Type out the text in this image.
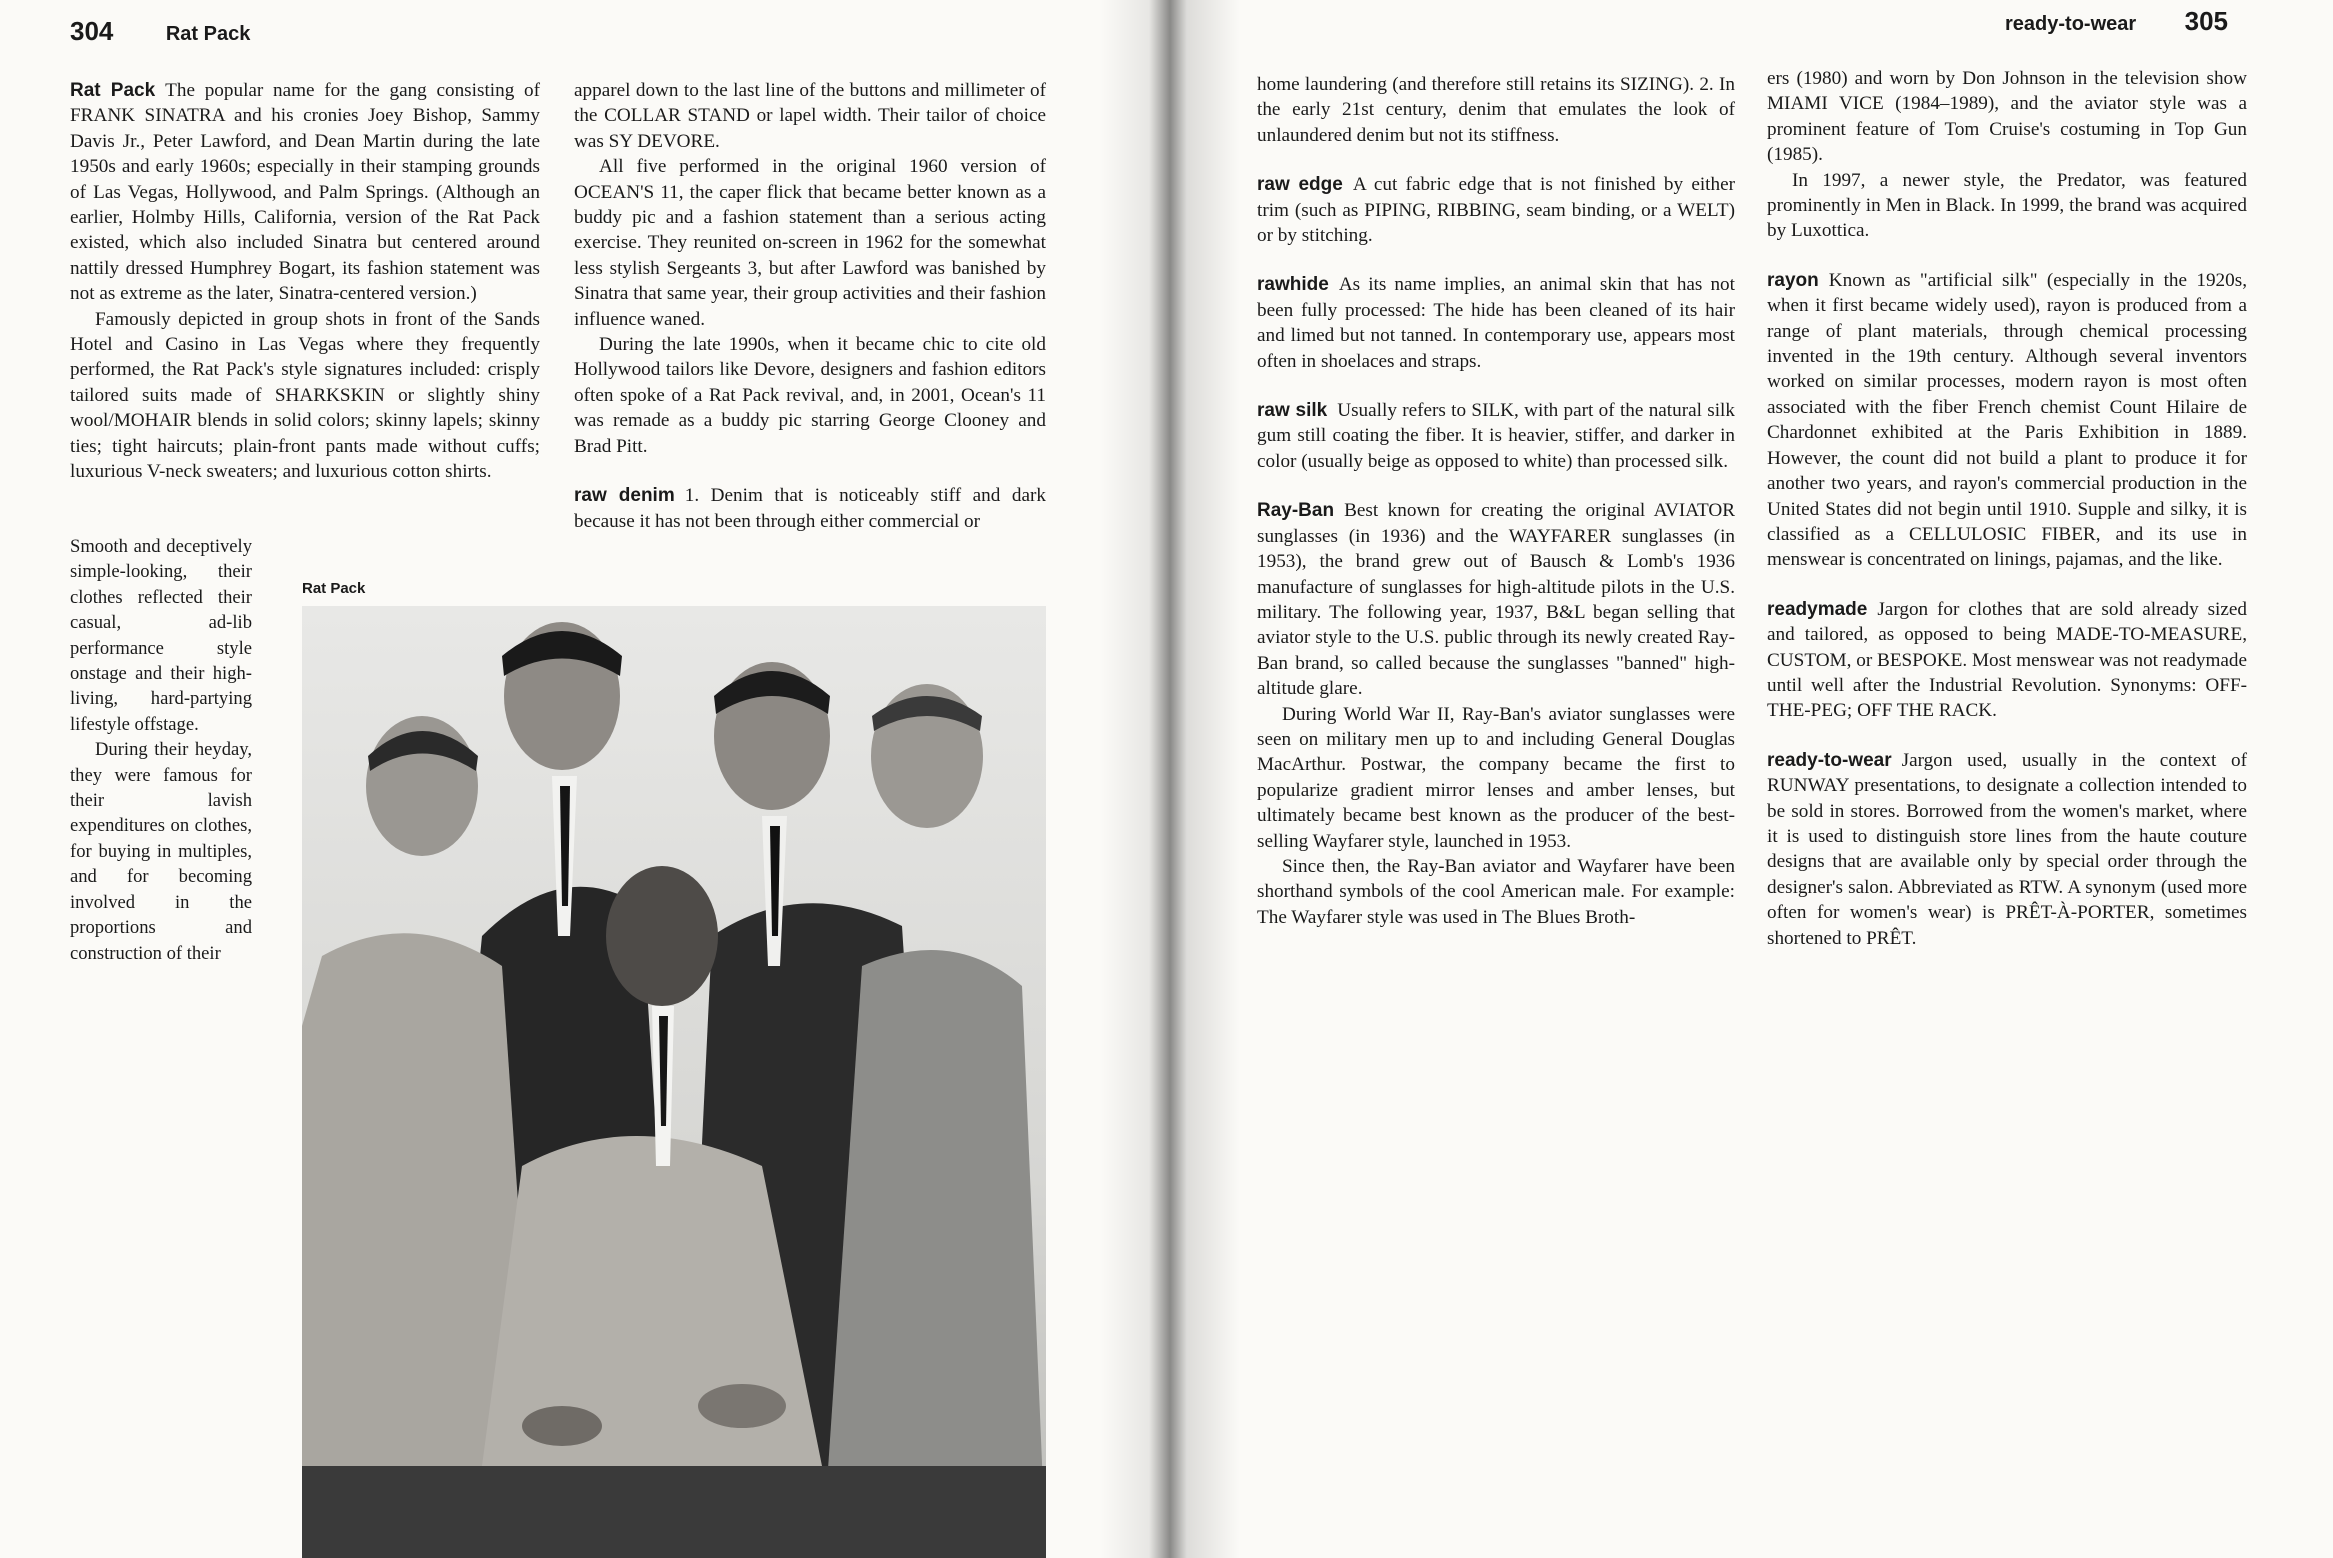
304	Rat Pack

Rat Pack The popular name for the gang consisting of FRANK SINATRA and his cronies Joey Bishop, Sammy Davis Jr., Peter Lawford, and Dean Martin during the late 1950s and early 1960s; especially in their stamping grounds of Las Vegas, Hollywood, and Palm Springs. (Although an earlier, Holmby Hills, California, version of the Rat Pack existed, which also included Sinatra but centered around nattily dressed Humphrey Bogart, its fashion statement was not as extreme as the later, Sinatra-centered version.)

Famously depicted in group shots in front of the Sands Hotel and Casino in Las Vegas where they frequently performed, the Rat Pack's style signatures included: crisply tailored suits made of SHARKSKIN or slightly shiny wool/MOHAIR blends in solid colors; skinny lapels; skinny ties; tight haircuts; plain-front pants made without cuffs; luxurious V-neck sweaters; and luxurious cotton shirts.

Smooth and deceptively simple-looking, their clothes reflected their casual, ad-lib performance style onstage and their high-living, hard-partying lifestyle offstage.

During their heyday, they were famous for their lavish expenditures on clothes, for buying in multiples, and for becoming involved in the proportions and construction of their

apparel down to the last line of the buttons and millimeter of the COLLAR STAND or lapel width. Their tailor of choice was SY DEVORE.

All five performed in the original 1960 version of OCEAN'S 11, the caper flick that became better known as a buddy pic and a fashion statement than a serious acting exercise. They reunited on-screen in 1962 for the somewhat less stylish Sergeants 3, but after Lawford was banished by Sinatra that same year, their group activities and their fashion influence waned.

During the late 1990s, when it became chic to cite old Hollywood tailors like Devore, designers and fashion editors often spoke of a Rat Pack revival, and, in 2001, Ocean's 11 was remade as a buddy pic starring George Clooney and Brad Pitt.

raw denim 1. Denim that is noticeably stiff and dark because it has not been through either commercial or

Rat Pack
ready-to-wear 305

home laundering (and therefore still retains its SIZING). 2. In the early 21st century, denim that emulates the look of unlaundered denim but not its stiffness.

raw edge A cut fabric edge that is not finished by either trim (such as PIPING, RIBBING, seam binding, or a WELT) or by stitching.

rawhide As its name implies, an animal skin that has not been fully processed: The hide has been cleaned of its hair and limed but not tanned. In contemporary use, appears most often in shoelaces and straps.

raw silk Usually refers to SILK, with part of the natural silk gum still coating the fiber. It is heavier, stiffer, and darker in color (usually beige as opposed to white) than processed silk.

Ray-Ban Best known for creating the original AVIATOR sunglasses (in 1936) and the WAYFARER sunglasses (in 1953), the brand grew out of Bausch & Lomb's 1936 manufacture of sunglasses for high-altitude pilots in the U.S. military. The following year, 1937, B&L began selling that aviator style to the U.S. public through its newly created Ray-Ban brand, so called because the sunglasses "banned" high-altitude glare.

During World War II, Ray-Ban's aviator sunglasses were seen on military men up to and including General Douglas MacArthur. Postwar, the company became the first to popularize gradient mirror lenses and amber lenses, but ultimately became best known as the producer of the best-selling Wayfarer style, launched in 1953.

Since then, the Ray-Ban aviator and Wayfarer have been shorthand symbols of the cool American male. For example: The Wayfarer style was used in The Blues Broth-

ers (1980) and worn by Don Johnson in the television show MIAMI VICE (1984–1989), and the aviator style was a prominent feature of Tom Cruise's costuming in Top Gun (1985).

In 1997, a newer style, the Predator, was featured prominently in Men in Black. In 1999, the brand was acquired by Luxottica.

rayon Known as "artificial silk" (especially in the 1920s, when it first became widely used), rayon is produced from a range of plant materials, through chemical processing invented in the 19th century. Although several inventors worked on similar processes, modern rayon is most often associated with the fiber French chemist Count Hilaire de Chardonnet exhibited at the Paris Exhibition in 1889. However, the count did not build a plant to produce it for another two years, and rayon's commercial production in the United States did not begin until 1910. Supple and silky, it is classified as a CELLULOSIC FIBER, and its use in menswear is concentrated on linings, pajamas, and the like.

readymade Jargon for clothes that are sold already sized and tailored, as opposed to being MADE-TO-MEASURE, CUSTOM, or BESPOKE. Most menswear was not readymade until well after the Industrial Revolution. Synonyms: OFF-THE-PEG; OFF THE RACK.

ready-to-wear Jargon used, usually in the context of RUNWAY presentations, to designate a collection intended to be sold in stores. Borrowed from the women's market, where it is used to distinguish store lines from the haute couture designs that are available only by special order through the designer's salon. Abbreviated as RTW. A synonym (used more often for women's wear) is PRÊT-À-PORTER, sometimes shortened to PRÊT.
